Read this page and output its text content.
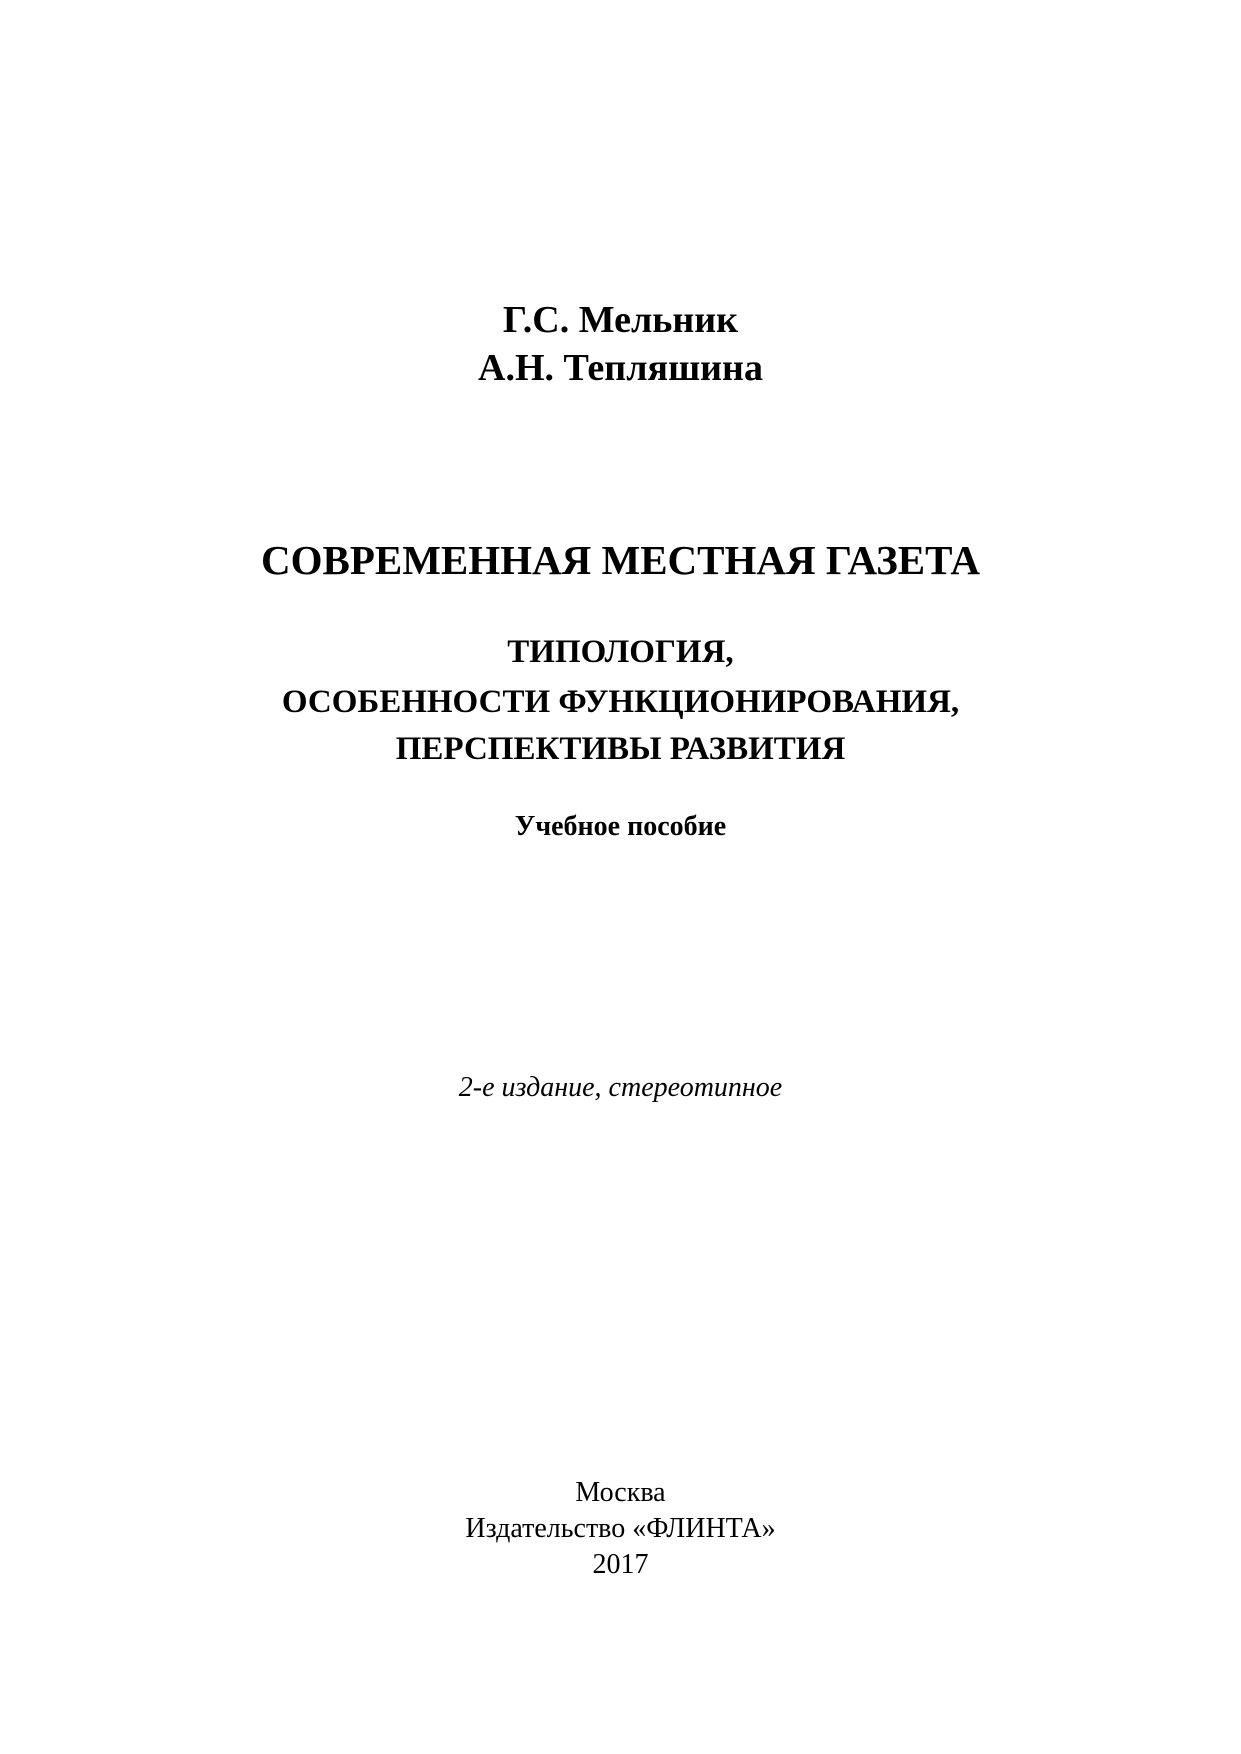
Г.С. Мельник
А.Н. Тепляшина
СОВРЕМЕННАЯ МЕСТНАЯ ГАЗЕТА
ТИПОЛОГИЯ,
ОСОБЕННОСТИ ФУНКЦИОНИРОВАНИЯ,
ПЕРСПЕКТИВЫ РАЗВИТИЯ
Учебное пособие
2-е издание, стереотипное
Москва
Издательство «ФЛИНТА»
2017
